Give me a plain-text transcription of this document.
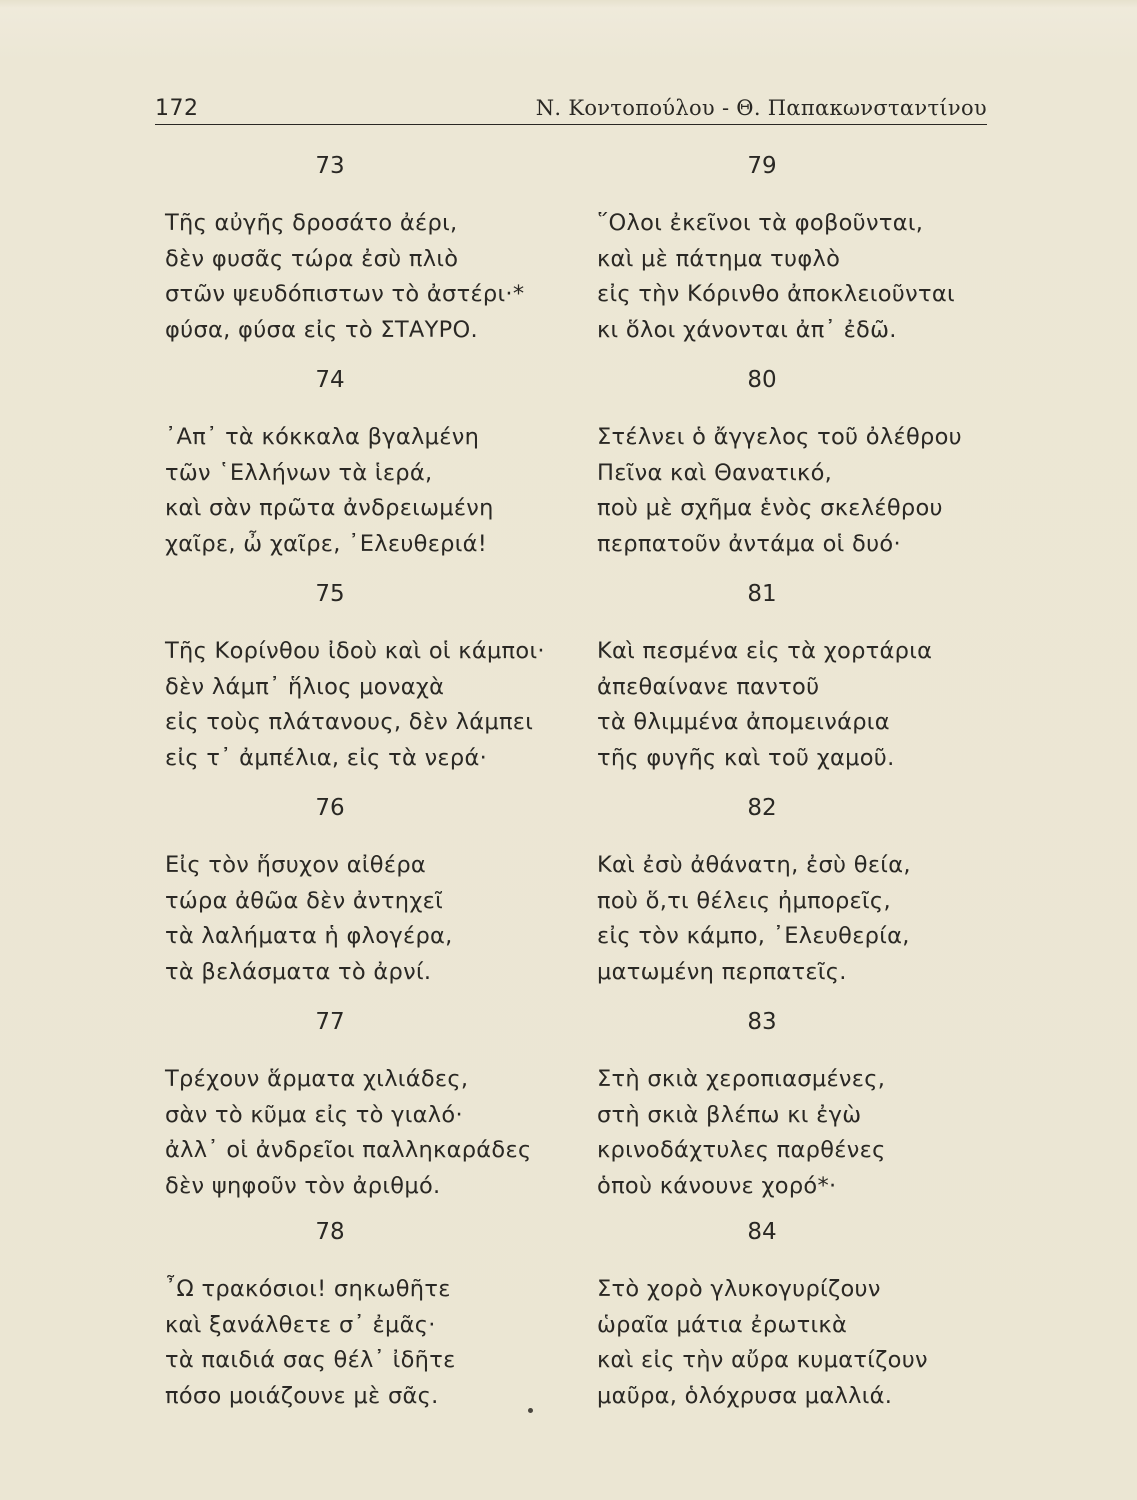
172	Ν. Κοντοπούλου - Θ. Παπακωνσταντίνου
73
Τῆς αὐγῆς δροσάτο ἀέρι,
δὲν φυσᾶς τώρα ἐσὺ πλιὸ
στῶν ψευδόπιστων τὸ ἀστέρι·*
φύσα, φύσα εἰς τὸ ΣΤΑΥΡΟ.
74
᾿Απ᾿ τὰ κόκκαλα βγαλμένη
τῶν ῾Ελλήνων τὰ ἱερά,
καὶ σὰν πρῶτα ἀνδρειωμένη
χαῖρε, ὦ χαῖρε, ᾿Ελευθεριά!
75
Τῆς Κορίνθου ἰδοὺ καὶ οἱ κάμποι·
δὲν λάμπ᾿ ἥλιος μοναχὰ
εἰς τοὺς πλάτανους, δὲν λάμπει
εἰς τ᾿ ἀμπέλια, εἰς τὰ νερά·
76
Εἰς τὸν ἥσυχον αἰθέρα
τώρα ἀθῶα δὲν ἀντηχεῖ
τὰ λαλήματα ἡ φλογέρα,
τὰ βελάσματα τὸ ἀρνί.
77
Τρέχουν ἅρματα χιλιάδες,
σὰν τὸ κῦμα εἰς τὸ γιαλό·
ἀλλ᾿ οἱ ἀνδρεῖοι παλληκαράδες
δὲν ψηφοῦν τὸν ἀριθμό.
78
῏Ω τρακόσιοι! σηκωθῆτε
καὶ ξανάλθετε σ᾿ ἐμᾶς·
τὰ παιδιά σας θέλ᾿ ἰδῆτε
πόσο μοιάζουνε μὲ σᾶς.
79
῞Ολοι ἐκεῖνοι τὰ φοβοῦνται,
καὶ μὲ πάτημα τυφλὸ
εἰς τὴν Κόρινθο ἀποκλειοῦνται
κι ὅλοι χάνονται ἀπ᾿ ἐδῶ.
80
Στέλνει ὁ ἄγγελος τοῦ ὀλέθρου
Πεῖνα καὶ Θανατικό,
ποὺ μὲ σχῆμα ἑνὸς σκελέθρου
περπατοῦν ἀντάμα οἱ δυό·
81
Καὶ πεσμένα εἰς τὰ χορτάρια
ἀπεθαίνανε παντοῦ
τὰ θλιμμένα ἀπομεινάρια
τῆς φυγῆς καὶ τοῦ χαμοῦ.
82
Καὶ ἐσὺ ἀθάνατη, ἐσὺ θεία,
ποὺ ὅ,τι θέλεις ἠμπορεῖς,
εἰς τὸν κάμπο, ᾿Ελευθερία,
ματωμένη περπατεῖς.
83
Στὴ σκιὰ χεροπιασμένες,
στὴ σκιὰ βλέπω κι ἐγὼ
κρινοδάχτυλες παρθένες
ὁποὺ κάνουνε χορό*·
84
Στὸ χορὸ γλυκογυρίζουν
ὡραῖα μάτια ἐρωτικὰ
καὶ εἰς τὴν αὔρα κυματίζουν
μαῦρα, ὁλόχρυσα μαλλιά.
